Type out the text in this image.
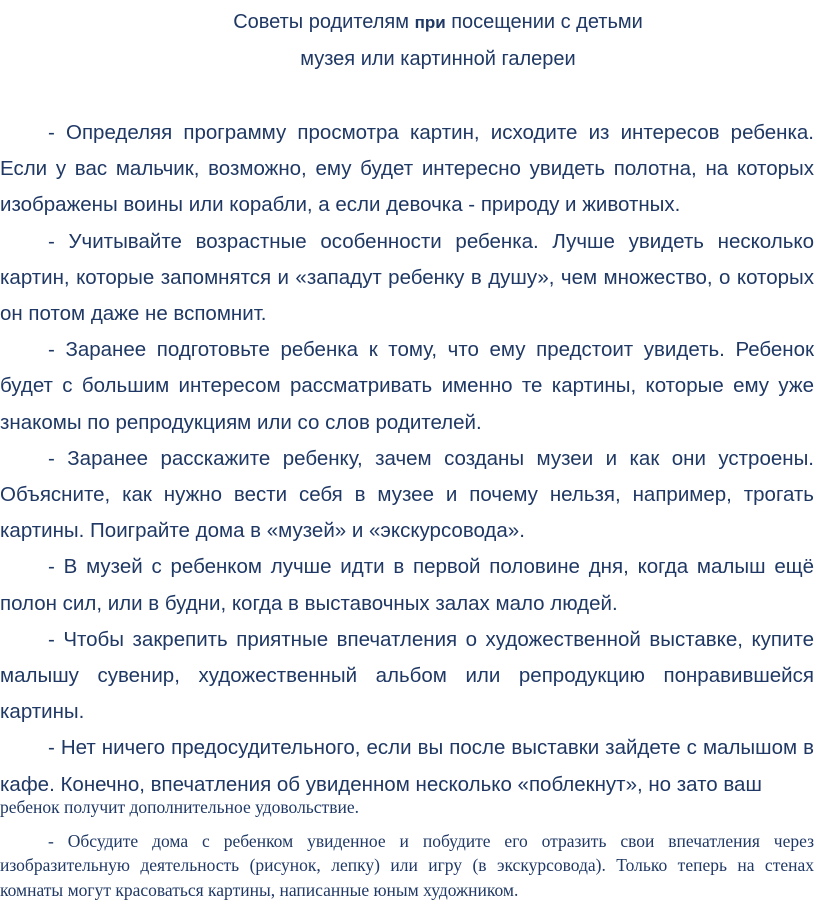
Советы родителям при посещении с детьми
музея или картинной галереи

- Определяя программу просмотра картин, исходите из интересов ребенка. Если у вас мальчик, возможно, ему будет интересно увидеть полотна, на которых изображены воины или корабли, а если девочка - природу и животных.

- Учитывайте возрастные особенности ребенка. Лучше увидеть несколько картин, которые запомнятся и «западут ребенку в душу», чем множество, о которых он потом даже не вспомнит.

- Заранее подготовьте ребенка к тому, что ему предстоит увидеть. Ребенок будет с большим интересом рассматривать именно те картины, которые ему уже знакомы по репродукциям или со слов родителей.

- Заранее расскажите ребенку, зачем созданы музеи и как они устроены. Объясните, как нужно вести себя в музее и почему нельзя, например, трогать картины. Поиграйте дома в «музей» и «экскурсовода».

- В музей с ребенком лучше идти в первой половине дня, когда малыш ещё полон сил, или в будни, когда в выставочных залах мало людей.

- Чтобы закрепить приятные впечатления о художественной выставке, купите малышу сувенир, художественный альбом или репродукцию понравившейся картины.

- Нет ничего предосудительного, если вы после выставки зайдете с малышом в кафе. Конечно, впечатления об увиденном несколько «поблекнут», но зато ваш

ребенок получит дополнительное удовольствие.

- Обсудите дома с ребенком увиденное и побудите его отразить свои впечатления через изобразительную деятельность (рисунок, лепку) или игру (в экскурсовода). Только теперь на стенах комнаты могут красоваться картины, написанные юным художником.
